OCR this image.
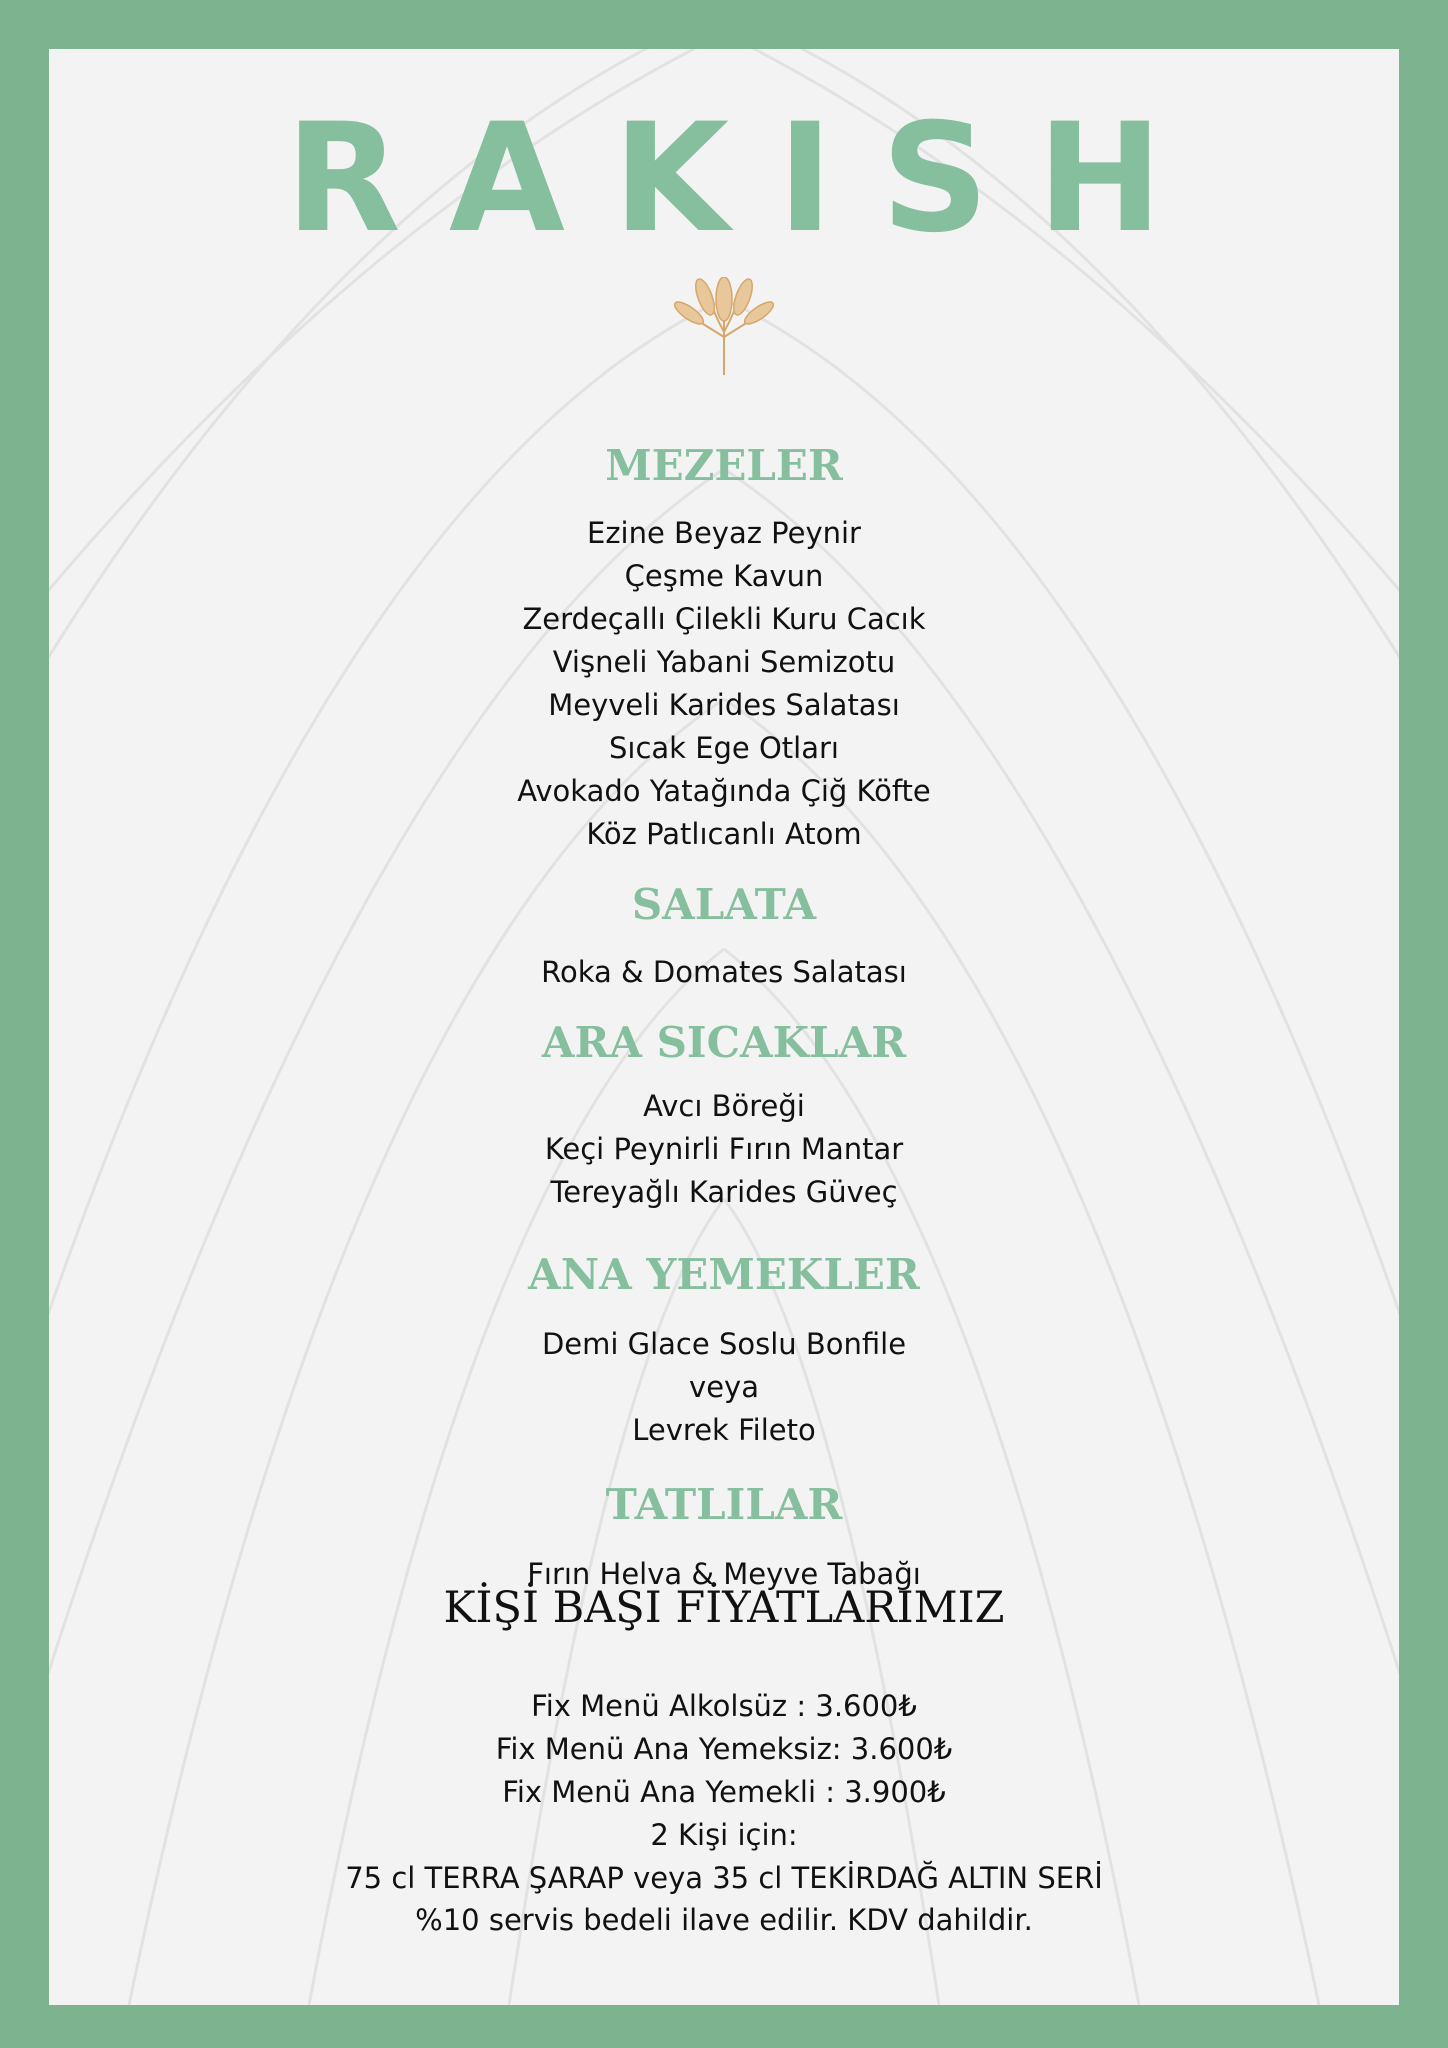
RAKISH
MEZELER
Ezine Beyaz Peynir
Çeşme Kavun
Zerdeçallı Çilekli Kuru Cacık
Vişneli Yabani Semizotu
Meyveli Karides Salatası
Sıcak Ege Otları
Avokado Yatağında Çiğ Köfte
Köz Patlıcanlı Atom
SALATA
Roka & Domates Salatası
ARA SICAKLAR
Avcı Böreği
Keçi Peynirli Fırın Mantar
Tereyağlı Karides Güveç
ANA YEMEKLER
Demi Glace Soslu Bonfile
veya
Levrek Fileto
TATLILAR
Fırın Helva & Meyve Tabağı
KİŞİ BAŞI FİYATLARIMIZ
Fix Menü Alkolsüz : 3.600₺
Fix Menü Ana Yemeksiz: 3.600₺
Fix Menü Ana Yemekli : 3.900₺
2 Kişi için:
75 cl TERRA ŞARAP veya 35 cl TEKİRDAĞ ALTIN SERİ
%10 servis bedeli ilave edilir. KDV dahildir.
